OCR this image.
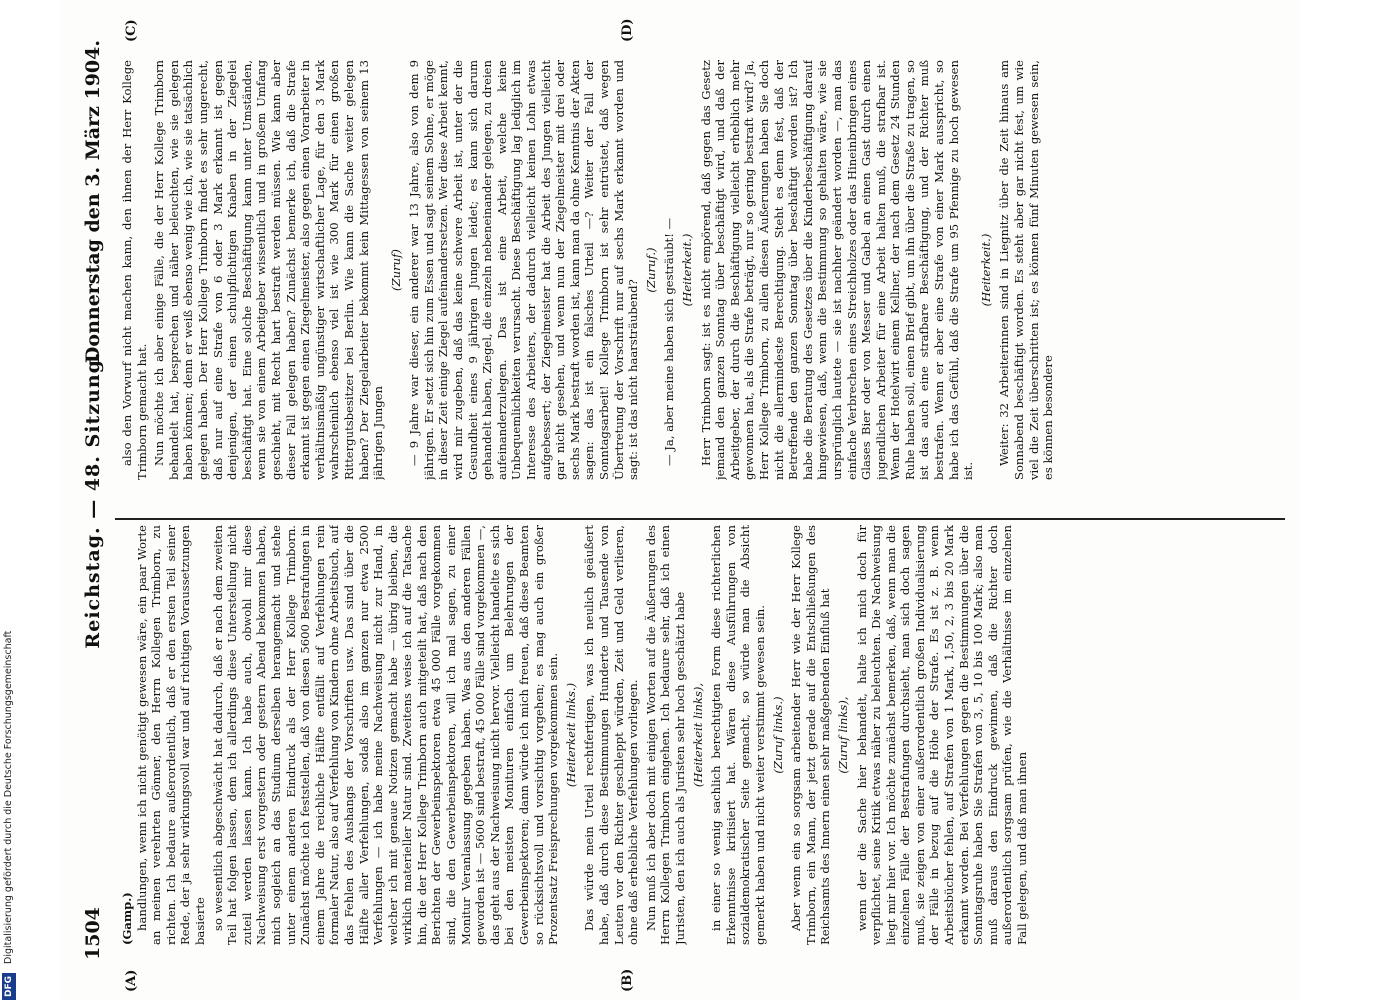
1504
Reichstag. — 48. Sitzung.
Donnerstag den 3. März 1904.
(A)	(B)
(C)	(D)
(Gamp.) handlungen, wenn ich nicht genötigt gewesen wäre, ein paar Worte an meinen verehrten Gönner, den Herrn Kollegen Trimborn, zu richten. Ich bedaure außerordentlich, daß er den ersten Teil seiner Rede, der ja sehr wirkungsvoll war und auf richtigen Voraussetzungen basierte so wesentlich abgeschwächt hat dadurch, daß er nach dem zweiten Teil hat folgen lassen, dem ich allerdings diese Unterstellung nicht zuteil werden lassen kann. Ich habe auch, obwohl mir diese Nachweisung erst vorgestern oder gestern Abend bekommen haben, mich sogleich an das Studium derselben herangemacht und stehe unter einem anderen Eindruck als der Herr Kollege Trimborn. Zunächst möchte ich feststellen, daß von diesen 5600 Bestrafungen in einem Jahre die reichliche Hälfte entfällt auf Verfehlungen rein formaler Natur, also auf Verfehlung von Kindern ohne Arbeitsbuch, auf das Fehlen des Aushangs der Vorschriften usw. Das sind über die Hälfte aller Verfehlungen, sodaß also im ganzen nur etwa 2500 Verfehlungen — ich habe meine Nachweisung nicht zur Hand, in welcher ich mit genaue Notizen gemacht habe — übrig bleiben, die wirklich materieller Natur sind. Zweitens weise ich auf die Tatsache hin, die der Herr Kollege Trimborn auch mitgeteilt hat, daß nach den Berichten der Gewerbeinspektoren etwa 45 000 Fälle vorgekommen sind, die den Gewerbeinspektoren, will ich mal sagen, zu einer Monitur Veranlassung gegeben haben. Was aus den anderen Fällen geworden ist — 5600 sind bestraft, 45 000 Fälle sind vorgekommen —, das geht aus der Nachweisung nicht hervor. Vielleicht handelte es sich bei den meisten Monituren einfach um Belehrungen der Gewerbeinspektoren; dann würde ich mich freuen, daß diese Beamten so rücksichtsvoll und vorsichtig vorgehen; es mag auch ein großer Prozentsatz Freisprechungen vorgekommen sein. (Heiterkeit links.) Das würde mein Urteil rechtfertigen, was ich neulich geäußert habe, daß durch diese Bestimmungen Hunderte und Tausende von Leuten vor den Richter geschleppt würden, Zeit und Geld verlieren, ohne daß erhebliche Verfehlungen vorliegen. Nun muß ich aber doch mit einigen Worten auf die Äußerungen des Herrn Kollegen Trimborn eingehen. Ich bedaure sehr, daß ich einen Juristen, den ich auch als Juristen sehr hoch geschätzt habe (Heiterkeit links), in einer so wenig sachlich berechtigten Form diese richterlichen Erkenntnisse kritisiert hat. Wären diese Ausführungen von sozialdemokratischer Seite gemacht, so würde man die Absicht gemerkt haben und nicht weiter verstimmt gewesen sein. (Zuruf links.) Aber wenn ein so sorgsam arbeitender Herr wie der Herr Kollege Trimborn, ein Mann, der jetzt gerade auf die Entschließungen des Reichsamts des Innern einen sehr maßgebenden Einfluß hat (Zuruf links), wenn der die Sache hier behandelt, halte ich mich doch für verpflichtet, seine Kritik etwas näher zu beleuchten. Die Nachweisung liegt mir hier vor. Ich möchte zunächst bemerken, daß, wenn man die einzelnen Fälle der Bestrafungen durchsieht, man sich doch sagen muß, sie zeigen von einer außerordentlich großen Individualisierung der Fälle in bezug auf die Höhe der Strafe. Es ist z. B. wenn Arbeitsbücher fehlen, auf Strafen von 1 Mark, 1,50, 2, 3 bis 20 Mark erkannt worden. Bei Verfehlungen gegen die Bestimmungen über die Sonntagsruhe haben Sie Strafen von 3, 5, 10 bis 100 Mark; also man muß daraus den Eindruck gewinnen, daß die Richter doch außerordentlich sorgsam prüfen, wie die Verhältnisse im einzelnen Fall gelegen, und daß man ihnen

also den Vorwurf nicht machen kann, den ihnen der Herr Kollege Trimborn gemacht hat. Nun möchte ich aber einige Fälle, die der Herr Kollege Trimborn behandelt hat, besprechen und näher beleuchten, wie sie gelegen haben können; denn er weiß ebenso wenig wie ich, wie sie tatsächlich gelegen haben. Der Herr Kollege Trimborn findet es sehr ungerecht, daß nur auf eine Strafe von 6 oder 3 Mark erkannt ist gegen denjenigen, der einen schulpflichtigen Knaben in der Ziegelei beschäftigt hat. Eine solche Beschäftigung kann unter Umständen, wenn sie von einem Arbeitgeber wissentlich und in großem Umfang geschieht, mit Recht hart bestraft werden müssen. Wie kann aber dieser Fall gelegen haben? Zunächst bemerke ich, daß die Strafe erkannt ist gegen einen Ziegelmeister, also gegen einen Vorarbeiter in verhältnismäßig ungünstiger wirtschaftlicher Lage, für den 3 Mark wahrscheinlich ebenso viel ist wie 300 Mark für einen großen Rittergutsbesitzer bei Berlin. Wie kann die Sache weiter gelegen haben? Der Ziegelarbeiter bekommt kein Mittagessen von seinem 13 jährigen Jungen

(Zuruf) — 9 Jahre war dieser, ein anderer war 13 Jahre, also von dem 9 jährigen. Er setzt sich hin zum Essen und sagt seinem Sohne, er möge in dieser Zeit einige Ziegel aufeinandersetzen. Wer diese Arbeit kennt, wird mir zugeben, daß das keine schwere Arbeit ist, unter der die Gesundheit eines 9 jährigen Jungen leidet; es kann sich darum gehandelt haben, Ziegel, die einzeln nebeneinander gelegen, zu dreien aufeinanderzulegen. Das ist eine Arbeit, welche keine Unbequemlichkeiten verursacht. Diese Beschäftigung lag lediglich im Interesse des Arbeiters, der dadurch vielleicht keinen Lohn etwas aufgebessert; der Ziegelmeister hat die Arbeit des Jungen vielleicht gar nicht gesehen, und wenn nun der Ziegelmeister mit drei oder sechs Mark bestraft worden ist, kann man da ohne Kenntnis der Akten sagen: das ist ein falsches Urteil —? Weiter der Fall der Sonntagsarbeit! Kollege Trimborn ist sehr entrüstet, daß wegen Übertretung der Vorschrift nur auf sechs Mark erkannt worden und sagt: ist das nicht haarsträubend?

(Zuruf.) — Ja, aber meine haben sich gesträubt! — (Heiterkeit.) Herr Trimborn sagt: ist es nicht empörend, daß gegen das Gesetz jemand den ganzen Sonntag über beschäftigt wird, und daß der Arbeitgeber, der durch die Beschäftigung vielleicht erheblich mehr gewonnen hat, als die Strafe beträgt, nur so gering bestraft wird? Ja, Herr Kollege Trimborn, zu allen diesen Äußerungen haben Sie doch nicht die allermindeste Berechtigung. Steht es denn fest, daß der Betreffende den ganzen Sonntag über beschäftigt worden ist? Ich habe die Beratung des Gesetzes über die Kinderbeschäftigung darauf hingewiesen, daß, wenn die Bestimmung so gehalten wäre, wie sie ursprünglich lautete — sie ist nachher geändert worden —, man das einfache Verbrechen eines Streichholzes oder das Hineinbringen eines Glases Bier oder von Messer und Gabel an einen Gast durch einen jugendlichen Arbeiter für eine Arbeit halten muß, die strafbar ist. Wenn der Hotelwirt einem Kellner, der nach dem Gesetz 24 Stunden Ruhe haben soll, einen Brief gibt, um ihn über die Straße zu tragen, so ist das auch eine strafbare Beschäftigung, und der Richter muß bestrafen. Wenn er aber eine Strafe von einer Mark ausspricht, so habe ich das Gefühl, daß die Strafe um 95 Pfennige zu hoch gewesen ist.

(Heiterkeit.) Weiter: 32 Arbeiterinnen sind in Liegnitz über die Zeit hinaus am Sonnabend beschäftigt worden. Es steht aber gar nicht fest, um wie viel die Zeit überschritten ist; es können fünf Minuten gewesen sein, es können besondere

DFG Digitalisierung gefördert durch die Deutsche Forschungsgemeinschaft
